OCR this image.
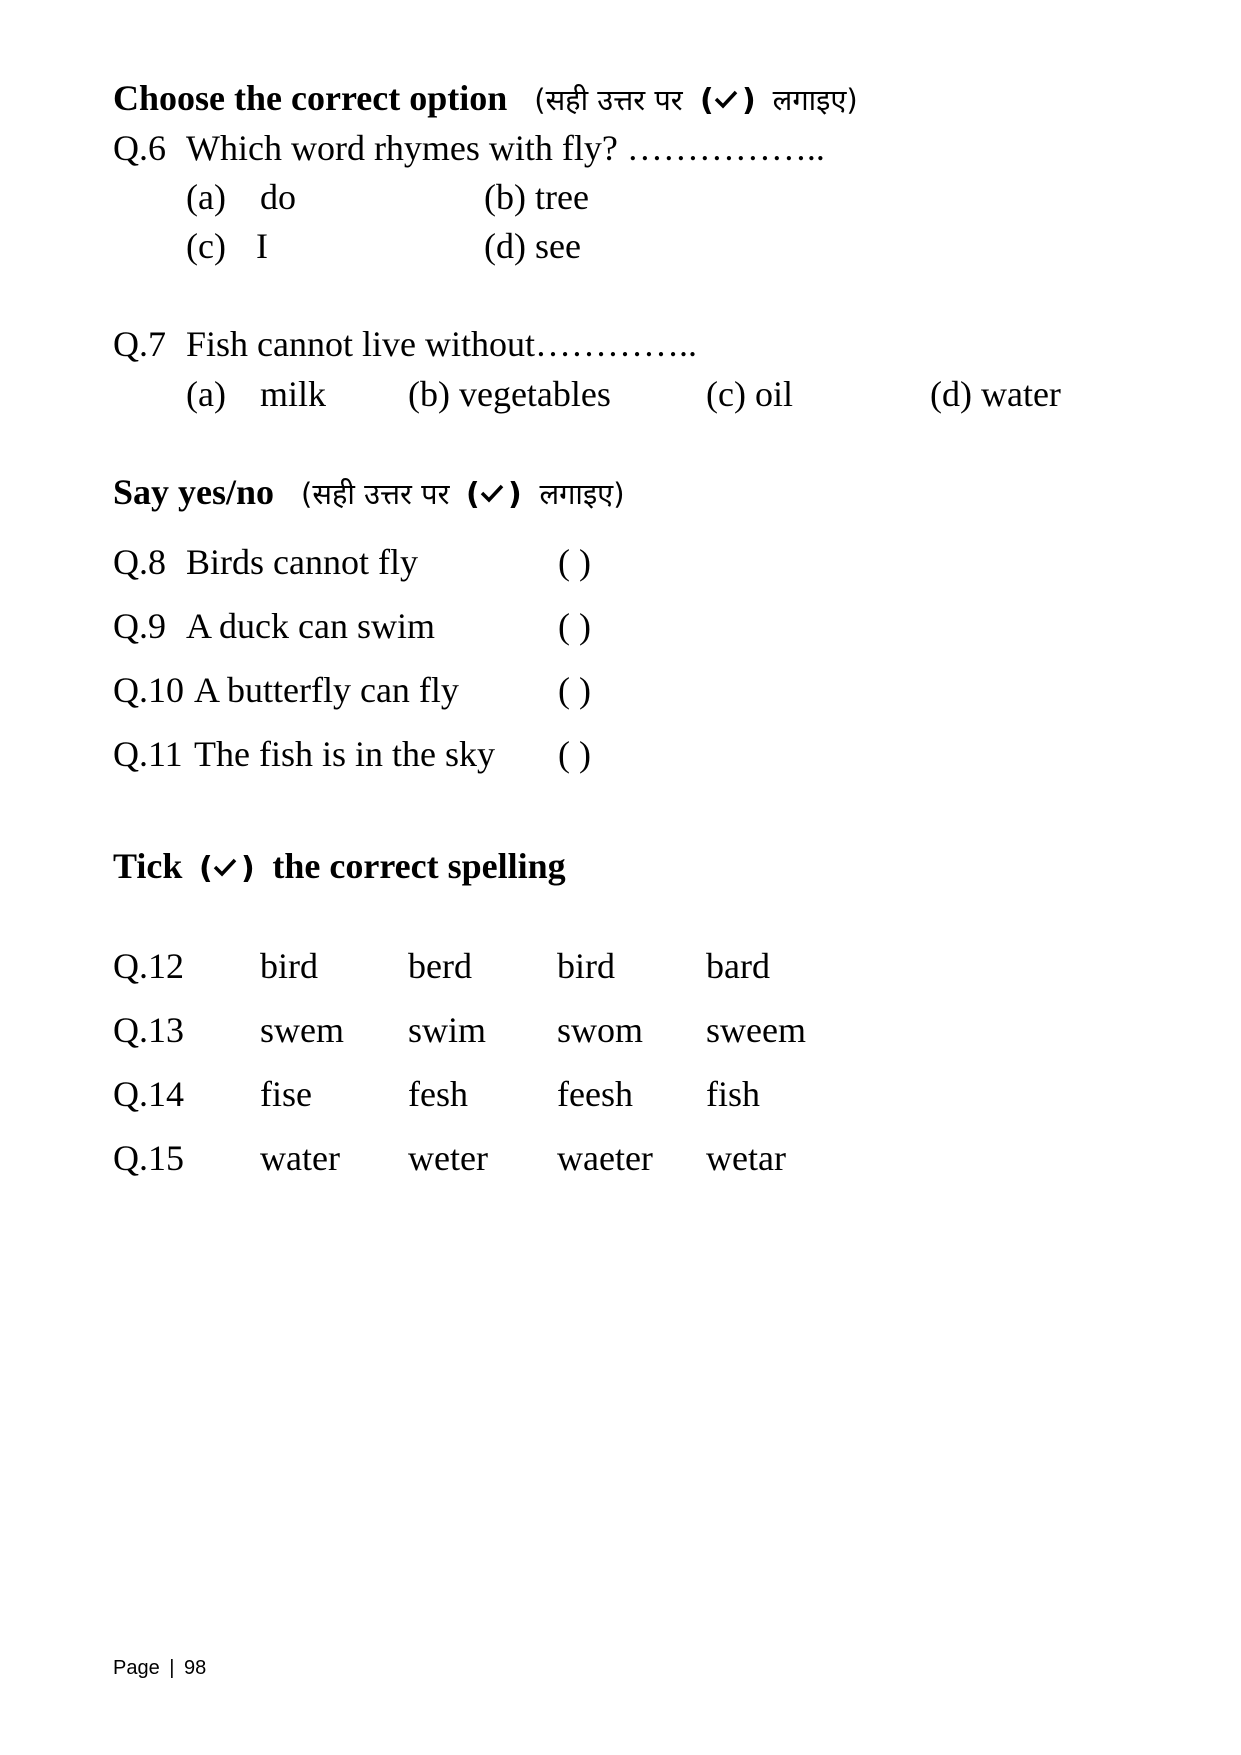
Choose the correct option (सही उत्तर पर ( ) लगाइए)
Q.6 Which word rhymes with fly? ……………..
(a) do	(b) tree
(c) I	(d) see
Q.7 Fish cannot live without…………..
(a) milk (b) vegetables	(c) oil	(d) water
Say yes/no (सही उत्तर पर ( ) लगाइए)
Q.8 Birds cannot fly	( )
Q.9 A duck can swim	( )
Q.10 A butterfly can fly	( )
Q.11 The fish is in the sky ( )
Tick ( ) the correct spelling
Q.12 bird	berd bird	bard
Q.13 swem swim swom sweem
Q.14 fise	fesh feesh fish
Q.15 water weter waeter wetar
Page | 98
